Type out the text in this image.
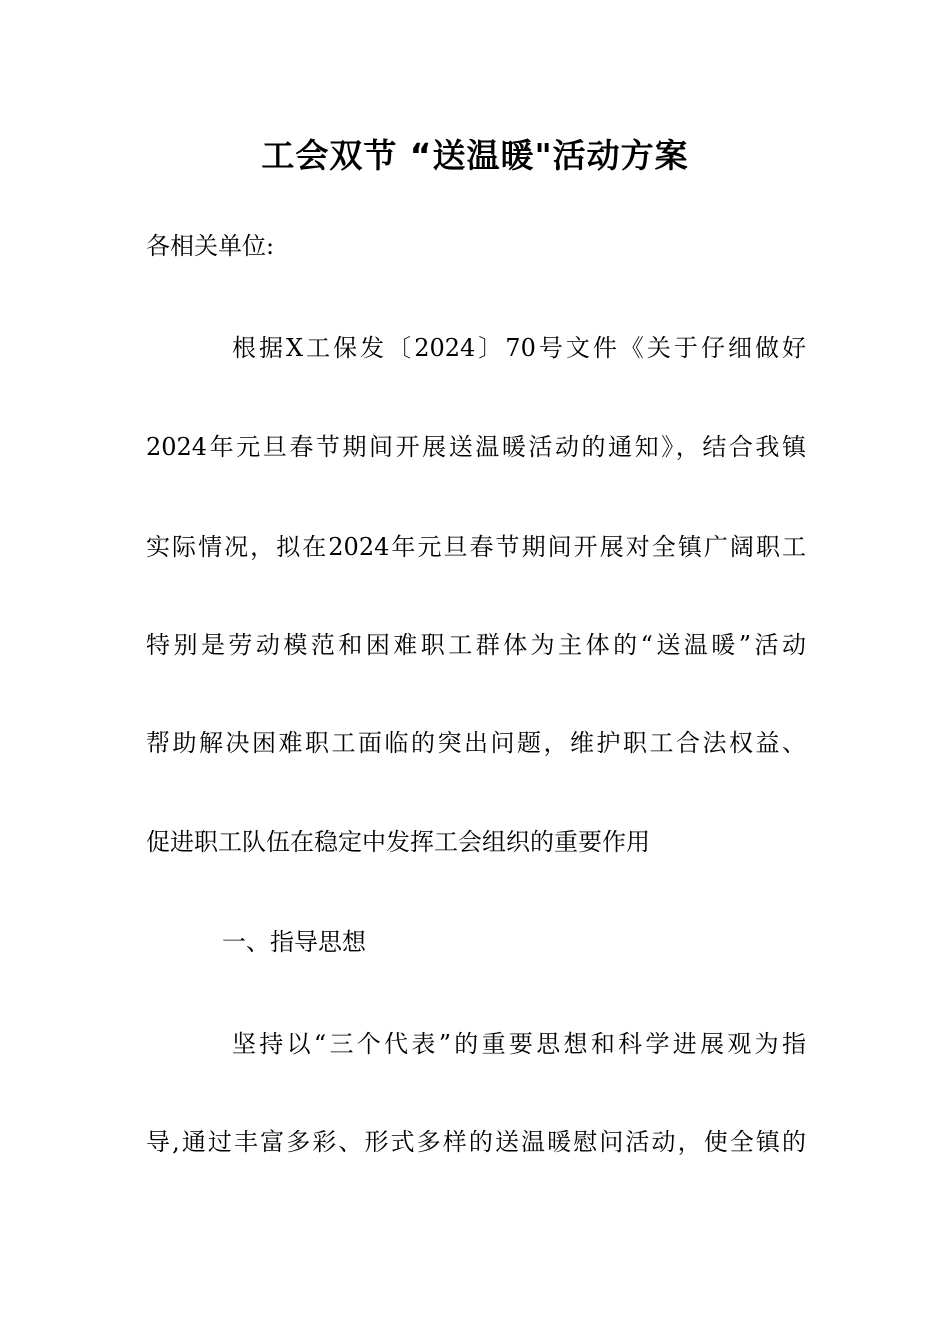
工会双节 “送温暖"活动方案

各相关单位:

根据X工保发〔2024〕70号文件《关于仔细做好

2024年元旦春节期间开展送温暖活动的通知》，结合我镇

实际情况，拟在2024年元旦春节期间开展对全镇广阔职工

特别是劳动模范和困难职工群体为主体的“送温暖”活动

帮助解决困难职工面临的突出问题，维护职工合法权益、

促进职工队伍在稳定中发挥工会组织的重要作用

一、指导思想

坚持以“三个代表”的重要思想和科学进展观为指

导,通过丰富多彩、形式多样的送温暖慰问活动，使全镇的
